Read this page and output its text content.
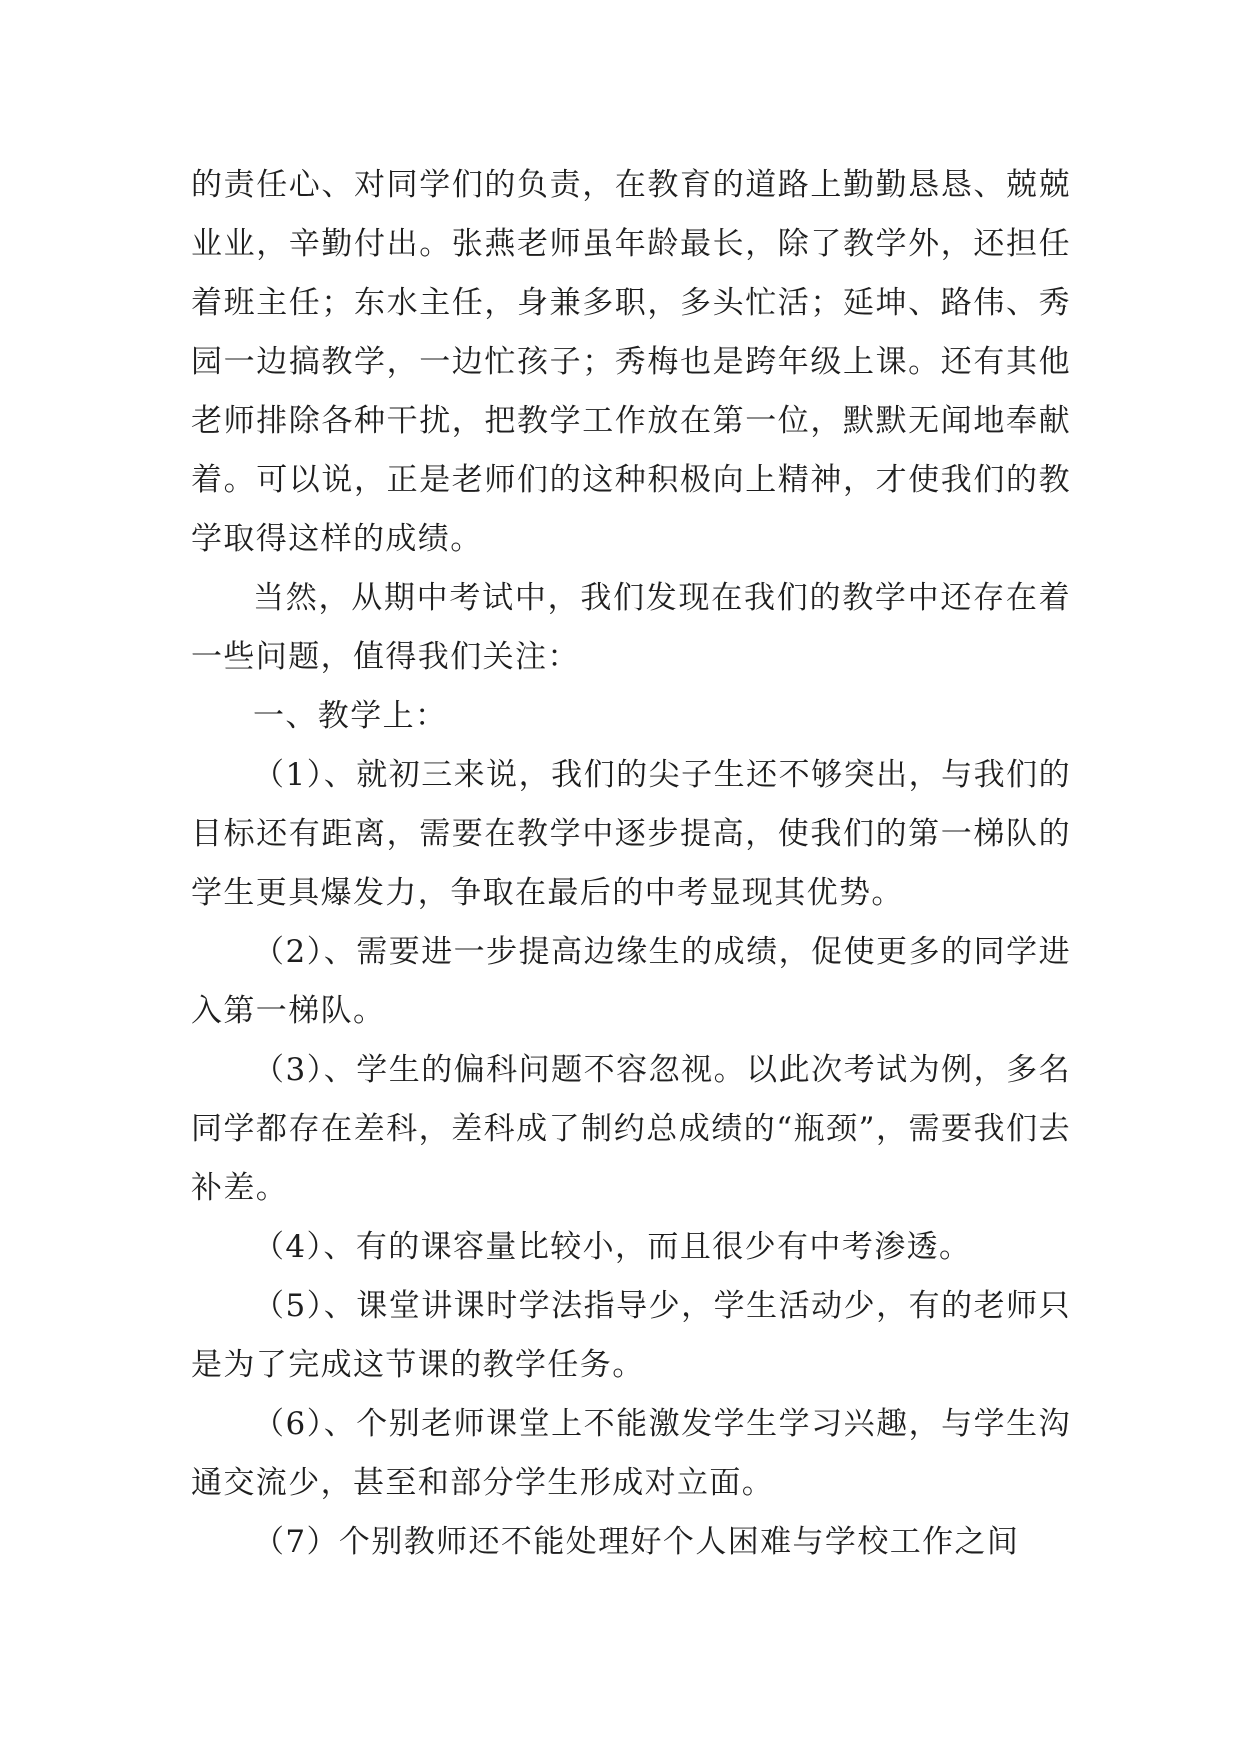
的责任心、对同学们的负责，在教育的道路上勤勤恳恳、兢兢业业，辛勤付出。张燕老师虽年龄最长，除了教学外，还担任着班主任；东水主任，身兼多职，多头忙活；延坤、路伟、秀园一边搞教学，一边忙孩子；秀梅也是跨年级上课。还有其他老师排除各种干扰，把教学工作放在第一位，默默无闻地奉献着。可以说，正是老师们的这种积极向上精神，才使我们的教学取得这样的成绩。

当然，从期中考试中，我们发现在我们的教学中还存在着一些问题，值得我们关注：

一、教学上：

（1）、就初三来说，我们的尖子生还不够突出，与我们的目标还有距离，需要在教学中逐步提高，使我们的第一梯队的学生更具爆发力，争取在最后的中考显现其优势。

（2）、需要进一步提高边缘生的成绩，促使更多的同学进入第一梯队。

（3）、学生的偏科问题不容忽视。以此次考试为例，多名同学都存在差科，差科成了制约总成绩的“瓶颈”，需要我们去补差。

（4）、有的课容量比较小，而且很少有中考渗透。

（5）、课堂讲课时学法指导少，学生活动少，有的老师只是为了完成这节课的教学任务。

（6）、个别老师课堂上不能激发学生学习兴趣，与学生沟通交流少，甚至和部分学生形成对立面。

（7）个别教师还不能处理好个人困难与学校工作之间
